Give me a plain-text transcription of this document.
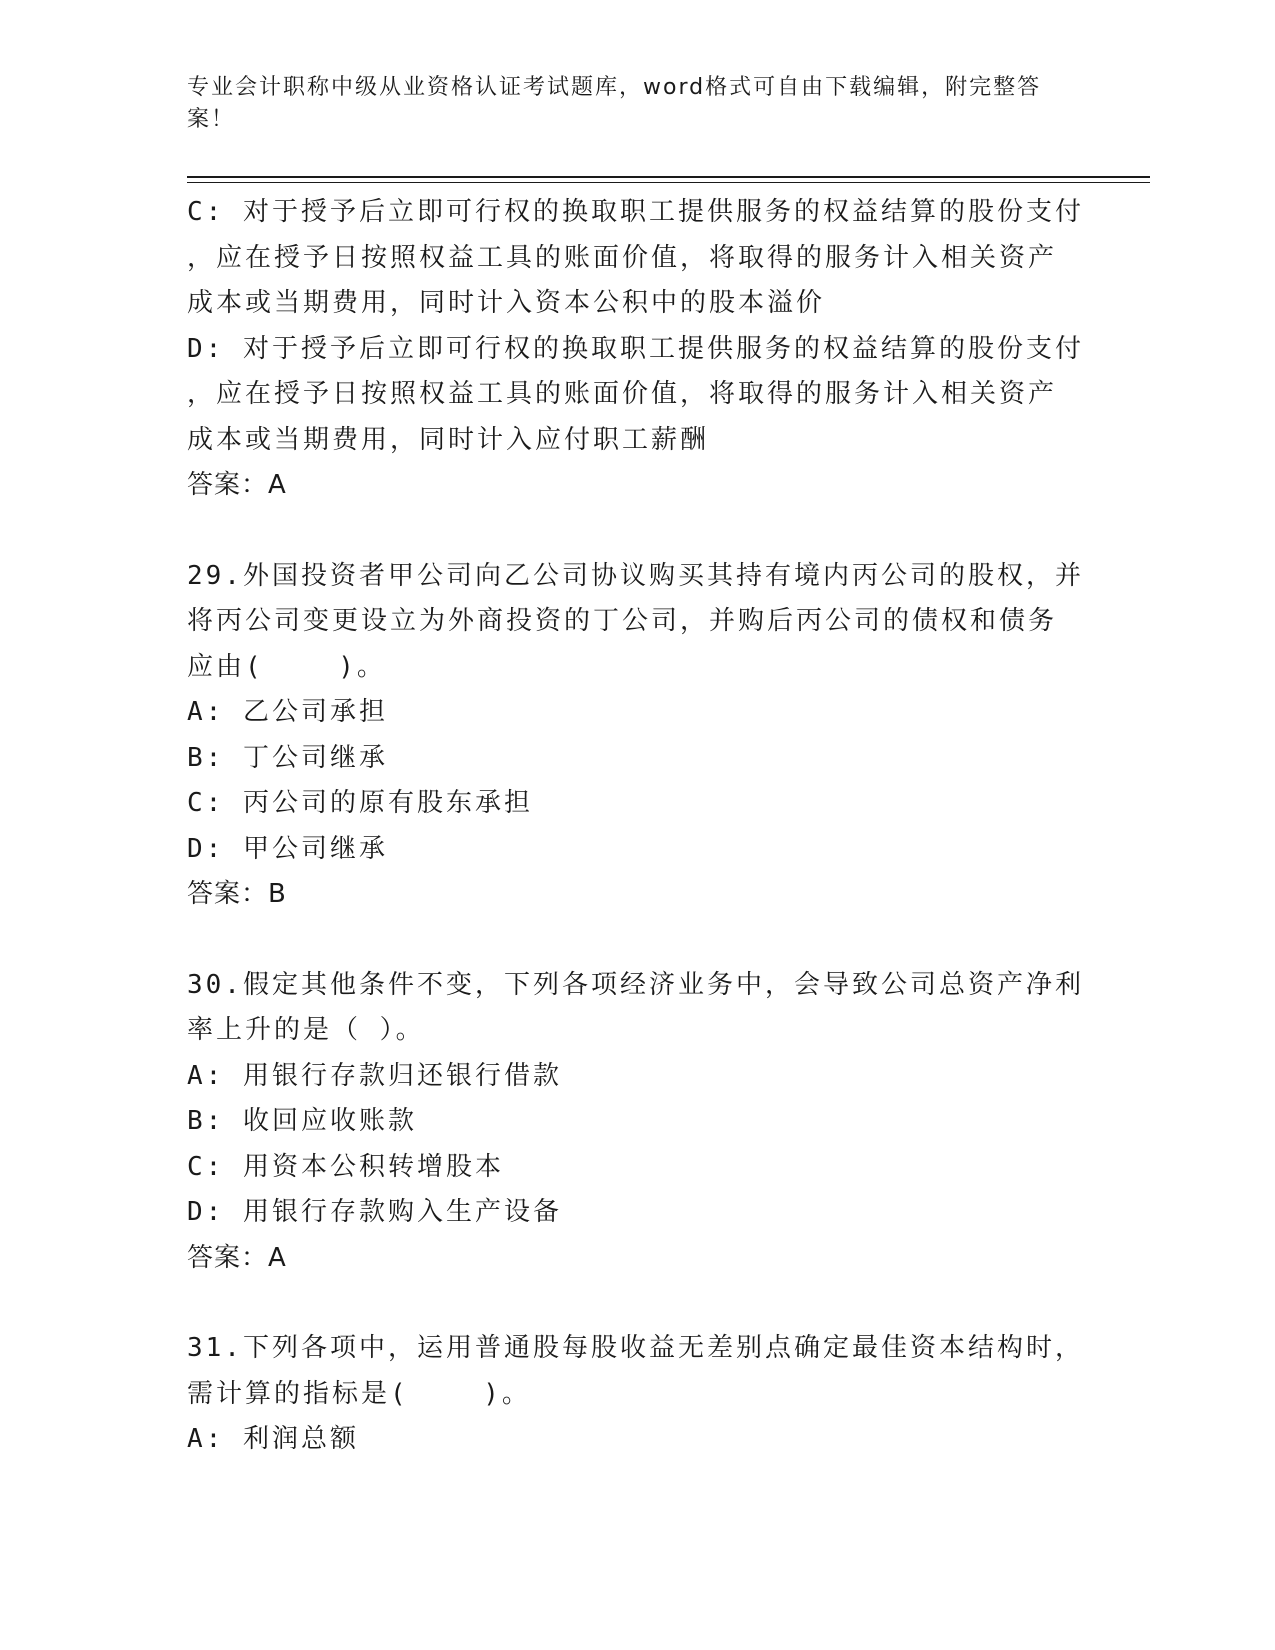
专业会计职称中级从业资格认证考试题库，word格式可自由下载编辑，附完整答
案！
C: 对于授予后立即可行权的换取职工提供服务的权益结算的股份支付
，应在授予日按照权益工具的账面价值，将取得的服务计入相关资产
成本或当期费用，同时计入资本公积中的股本溢价
D: 对于授予后立即可行权的换取职工提供服务的权益结算的股份支付
，应在授予日按照权益工具的账面价值，将取得的服务计入相关资产
成本或当期费用，同时计入应付职工薪酬
答案：A
29.外国投资者甲公司向乙公司协议购买其持有境内丙公司的股权，并
将丙公司变更设立为外商投资的丁公司，并购后丙公司的债权和债务
应由(    )。
A: 乙公司承担
B: 丁公司继承
C: 丙公司的原有股东承担
D: 甲公司继承
答案：B
30.假定其他条件不变，下列各项经济业务中，会导致公司总资产净利
率上升的是（ ）。
A: 用银行存款归还银行借款
B: 收回应收账款
C: 用资本公积转增股本
D: 用银行存款购入生产设备
答案：A
31.下列各项中，运用普通股每股收益无差别点确定最佳资本结构时，
需计算的指标是(    )。
A: 利润总额
